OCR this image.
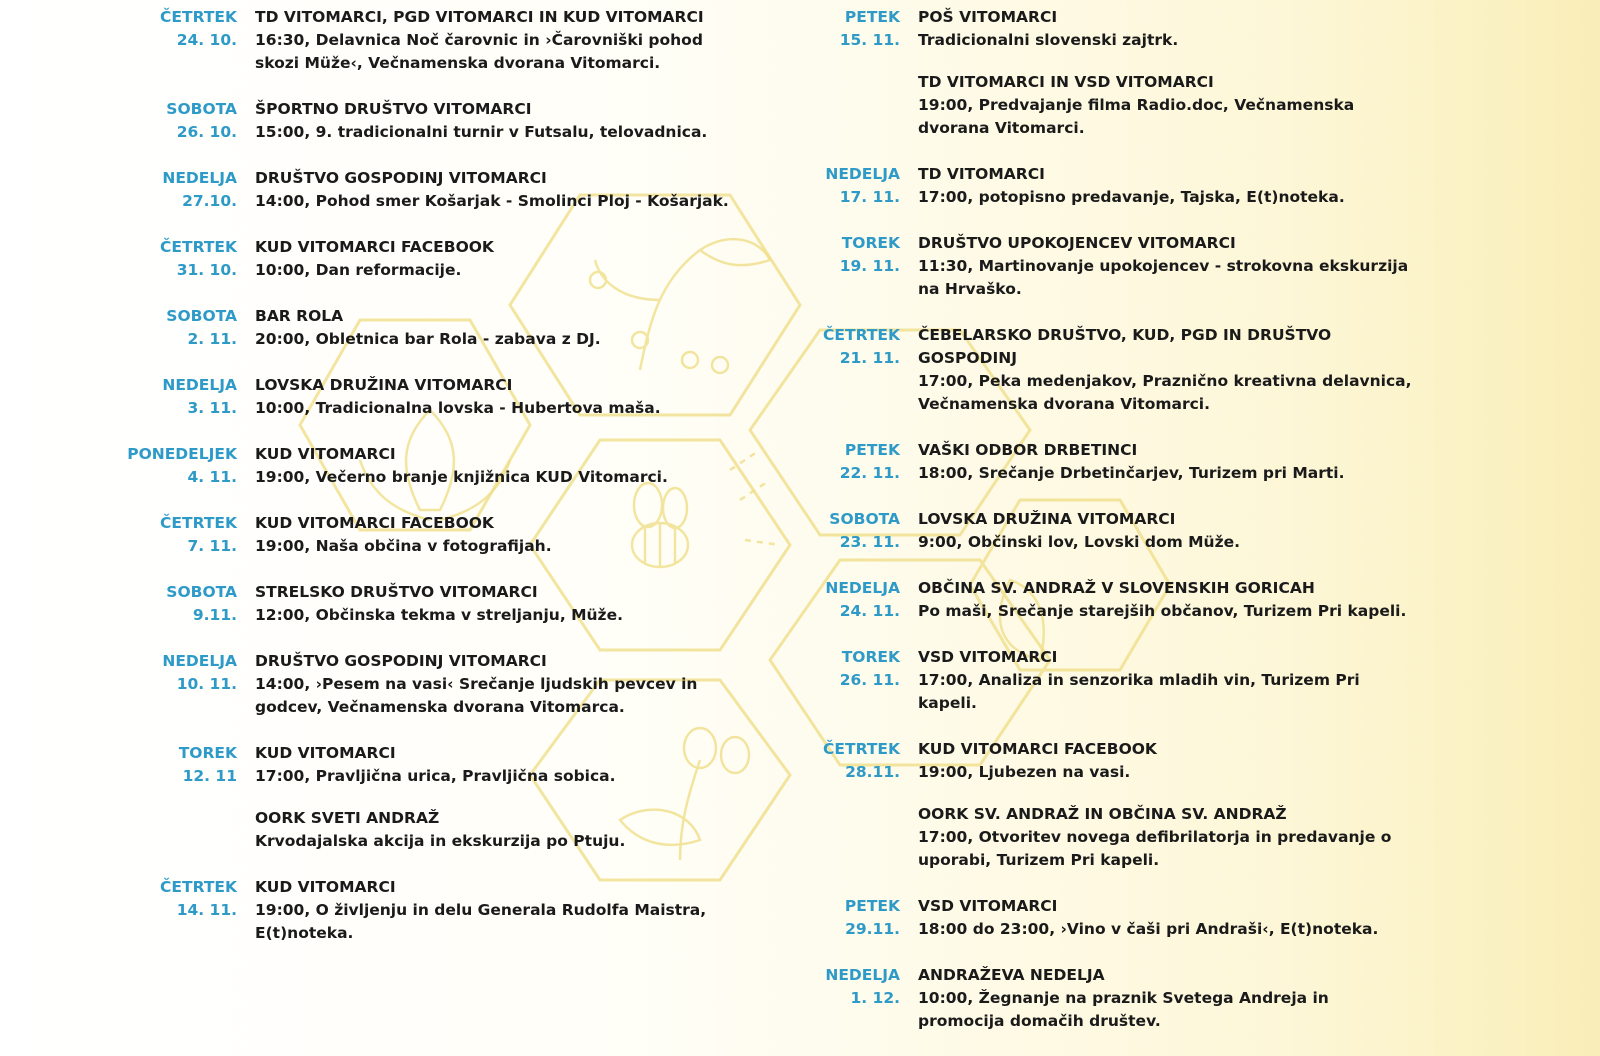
ČETRTEK
24. 10.
TD VITOMARCI, PGD VITOMARCI IN KUD VITOMARCI
16:30, Delavnica Noč čarovnic in ›Čarovniški pohod skozi Müže‹, Večnamenska dvorana Vitomarci.
SOBOTA
26. 10.
ŠPORTNO DRUŠTVO VITOMARCI
15:00, 9. tradicionalni turnir v Futsalu, telovadnica.
NEDELJA
27.10.
DRUŠTVO GOSPODINJ VITOMARCI
14:00, Pohod smer Košarjak - Smolinci Ploj - Košarjak.
ČETRTEK
31. 10.
KUD VITOMARCI FACEBOOK
10:00, Dan reformacije.
SOBOTA
2. 11.
BAR ROLA
20:00, Obletnica bar Rola - zabava z DJ.
NEDELJA
3. 11.
LOVSKA DRUŽINA VITOMARCI
10:00, Tradicionalna lovska - Hubertova maša.
PONEDELJEK
4. 11.
KUD VITOMARCI
19:00, Večerno branje knjižnica KUD Vitomarci.
ČETRTEK
7. 11.
KUD VITOMARCI FACEBOOK
19:00, Naša občina v fotografijah.
SOBOTA
9.11.
STRELSKO DRUŠTVO VITOMARCI
12:00, Občinska tekma v streljanju, Müže.
NEDELJA
10. 11.
DRUŠTVO GOSPODINJ VITOMARCI
14:00, ›Pesem na vasi‹ Srečanje ljudskih pevcev in godcev, Večnamenska dvorana Vitomarca.
TOREK
12. 11
KUD VITOMARCI
17:00, Pravljična urica, Pravljična sobica.
OORK SVETI ANDRAŽ
Krvodajalska akcija in ekskurzija po Ptuju.
ČETRTEK
14. 11.
KUD VITOMARCI
19:00, O življenju in delu Generala Rudolfa Maistra, E(t)noteka.
PETEK
15. 11.
POŠ VITOMARCI
Tradicionalni slovenski zajtrk.
TD VITOMARCI IN VSD VITOMARCI
19:00, Predvajanje filma Radio.doc, Večnamenska dvorana Vitomarci.
NEDELJA
17. 11.
TD VITOMARCI
17:00, potopisno predavanje, Tajska, E(t)noteka.
TOREK
19. 11.
DRUŠTVO UPOKOJENCEV VITOMARCI
11:30, Martinovanje upokojencev - strokovna ekskurzija na Hrvaško.
ČETRTEK
21. 11.
ČEBELARSKO DRUŠTVO, KUD, PGD IN DRUŠTVO GOSPODINJ
17:00, Peka medenjakov, Praznično kreativna delavnica, Večnamenska dvorana Vitomarci.
PETEK
22. 11.
VAŠKI ODBOR DRBETINCI
18:00, Srečanje Drbetinčarjev, Turizem pri Marti.
SOBOTA
23. 11.
LOVSKA DRUŽINA VITOMARCI
9:00, Občinski lov, Lovski dom Müže.
NEDELJA
24. 11.
OBČINA SV. ANDRAŽ V SLOVENSKIH GORICAH
Po maši, Srečanje starejših občanov, Turizem Pri kapeli.
TOREK
26. 11.
VSD VITOMARCI
17:00, Analiza in senzorika mladih vin, Turizem Pri kapeli.
ČETRTEK
28.11.
KUD VITOMARCI FACEBOOK
19:00, Ljubezen na vasi.
OORK SV. ANDRAŽ IN OBČINA SV. ANDRAŽ
17:00, Otvoritev novega defibrilatorja in predavanje o uporabi, Turizem Pri kapeli.
PETEK
29.11.
VSD VITOMARCI
18:00 do 23:00, ›Vino v čaši pri Andraši‹, E(t)noteka.
NEDELJA
1. 12.
ANDRAŽEVA NEDELJA
10:00, Žegnanje na praznik Svetega Andreja in promocija domačih društev.
